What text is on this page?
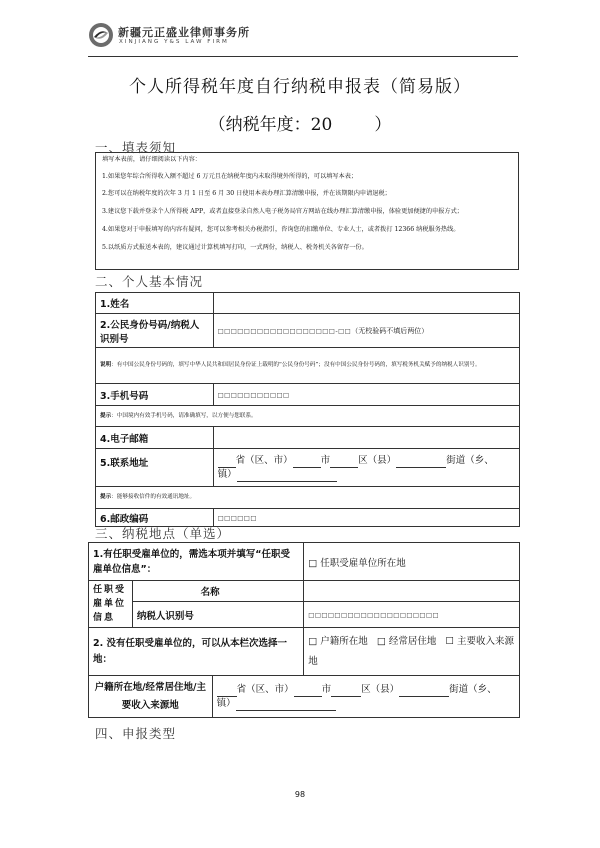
新疆元正盛业律师事务所
XINJIANG Y&S LAW FIRM
个人所得税年度自行纳税申报表（简易版）
（纳税年度：20 ）
一、填表须知

填写本表前，请仔细阅读以下内容：

1.如果您年综合所得收入额不超过 6 万元且在纳税年度内未取得境外所得的，可以填写本表；

2.您可以在纳税年度的次年 3 月 1 日至 6 月 30 日使用本表办理汇算清缴申报，并在该期限内申请退税；

3.建议您下载并登录个人所得税 APP，或者直接登录自然人电子税务局官方网站在线办理汇算清缴申报，体验更加便捷的申报方式；

4.如果您对于申报填写的内容有疑问，您可以参考相关办税指引，咨询您的扣缴单位、专业人士，或者拨打 12366 纳税服务热线。

5.以纸质方式报送本表的，建议通过计算机填写打印，一式两份，纳税人、税务机关各留存一份。

二、个人基本情况
1.姓名	
2.公民身份号码/纳税人识别号	□□□□□□□□□□□□□□□□□□-□□（无校验码不填后两位）
说明：有中国公民身份号码的，填写中华人民共和国居民身份证上载明的“公民身份号码”；没有中国公民身份号码的，填写税务机关赋予的纳税人识别号。	
3.手机号码	□□□□□□□□□□□
提示：中国境内有效手机号码，请准确填写，以方便与您联系。	
4.电子邮箱	
5.联系地址	省（区、市） 市 区（县） 街道（乡、
镇）
提示：能够接收信件的有效通讯地址。	
6.邮政编码	□□□□□□
三、纳税地点（单选）
1.有任职受雇单位的，需选本项并填写“任职受雇单位信息”：			□ 任职受雇单位所在地
任职受雇单位信息	名称		
	纳税人识别号		□□□□□□□□□□□□□□□□□□□□
2. 没有任职受雇单位的，可以从本栏次选择一地：			□ 户籍所在地 □ 经常居住地 ☐ 主要收入来源地
户籍所在地/经常居住地/主要收入来源地		省（区、市） 市 区（县） 街道（乡、
镇）	
四、申报类型
98
